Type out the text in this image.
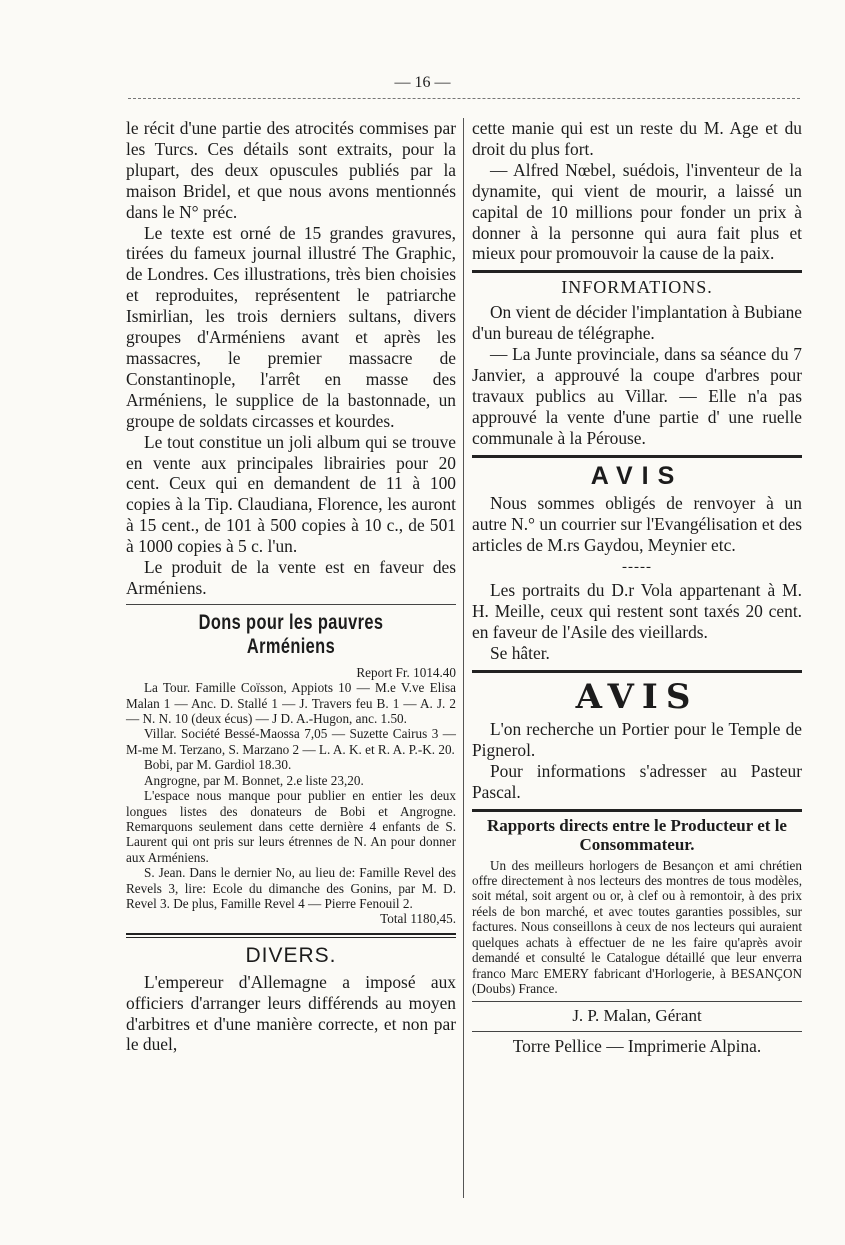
— 16 —

le récit d'une partie des atrocités commises par les Turcs. Ces détails sont extraits, pour la plupart, des deux opuscules publiés par la maison Bridel, et que nous avons mentionnés dans le N° préc.

Le texte est orné de 15 grandes gravures, tirées du fameux journal illustré The Graphic, de Londres. Ces illustrations, très bien choisies et reproduites, représentent le patriarche Ismirlian, les trois derniers sultans, divers groupes d'Arméniens avant et après les massacres, le premier massacre de Constantinople, l'arrêt en masse des Arméniens, le supplice de la bastonnade, un groupe de soldats circasses et kourdes.

Le tout constitue un joli album qui se trouve en vente aux principales librairies pour 20 cent. Ceux qui en demandent de 11 à 100 copies à la Tip. Claudiana, Florence, les auront à 15 cent., de 101 à 500 copies à 10 c., de 501 à 1000 copies à 5 c. l'un.

Le produit de la vente est en faveur des Arméniens.

Dons pour les pauvres Arméniens

Report Fr. 1014.40

La Tour. Famille Coïsson, Appiots 10 — M.e V.ve Elisa Malan 1 — Anc. D. Stallé 1 — J. Travers feu B. 1 — A. J. 2 — N. N. 10 (deux écus) — J D. A.-Hugon, anc. 1.50.

Villar. Société Bessé-Maossa 7,05 — Suzette Cairus 3 — M-me M. Terzano, S. Marzano 2 — L. A. K. et R. A. P.-K. 20.

Bobi, par M. Gardiol 18.30.

Angrogne, par M. Bonnet, 2.e liste 23,20.

L'espace nous manque pour publier en entier les deux longues listes des donateurs de Bobi et Angrogne. Remarquons seulement dans cette dernière 4 enfants de S. Laurent qui ont pris sur leurs étrennes de N. An pour donner aux Arméniens.

S. Jean. Dans le dernier No, au lieu de: Famille Revel des Revels 3, lire: Ecole du dimanche des Gonins, par M. D. Revel 3. De plus, Famille Revel 4 — Pierre Fenouil 2.

Total 1180,45.

DIVERS.

L'empereur d'Allemagne a imposé aux officiers d'arranger leurs différends au moyen d'arbitres et d'une manière correcte, et non par le duel,

cette manie qui est un reste du M. Age et du droit du plus fort.

— Alfred Nœbel, suédois, l'inventeur de la dynamite, qui vient de mourir, a laissé un capital de 10 millions pour fonder un prix à donner à la personne qui aura fait plus et mieux pour promouvoir la cause de la paix.

INFORMATIONS.

On vient de décider l'implantation à Bubiane d'un bureau de télégraphe.

— La Junte provinciale, dans sa séance du 7 Janvier, a approuvé la coupe d'arbres pour travaux publics au Villar. — Elle n'a pas approuvé la vente d'une partie d' une ruelle communale à la Pérouse.

AVIS

Nous sommes obligés de renvoyer à un autre N.° un courrier sur l'Evangélisation et des articles de M.rs Gaydou, Meynier etc.

-----

Les portraits du D.r Vola appartenant à M. H. Meille, ceux qui restent sont taxés 20 cent. en faveur de l'Asile des vieillards.

Se hâter.

AVIS

L'on recherche un Portier pour le Temple de Pignerol.

Pour informations s'adresser au Pasteur Pascal.

Rapports directs entre le Producteur et le Consommateur.

Un des meilleurs horlogers de Besançon et ami chrétien offre directement à nos lecteurs des montres de tous modèles, soit métal, soit argent ou or, à clef ou à remontoir, à des prix réels de bon marché, et avec toutes garanties possibles, sur factures. Nous conseillons à ceux de nos lecteurs qui auraient quelques achats à effectuer de ne les faire qu'après avoir demandé et consulté le Catalogue détaillé que leur enverra franco Marc EMERY fabricant d'Horlogerie, à BESANÇON (Doubs) France.

J. P. Malan, Gérant
Torre Pellice — Imprimerie Alpina.
